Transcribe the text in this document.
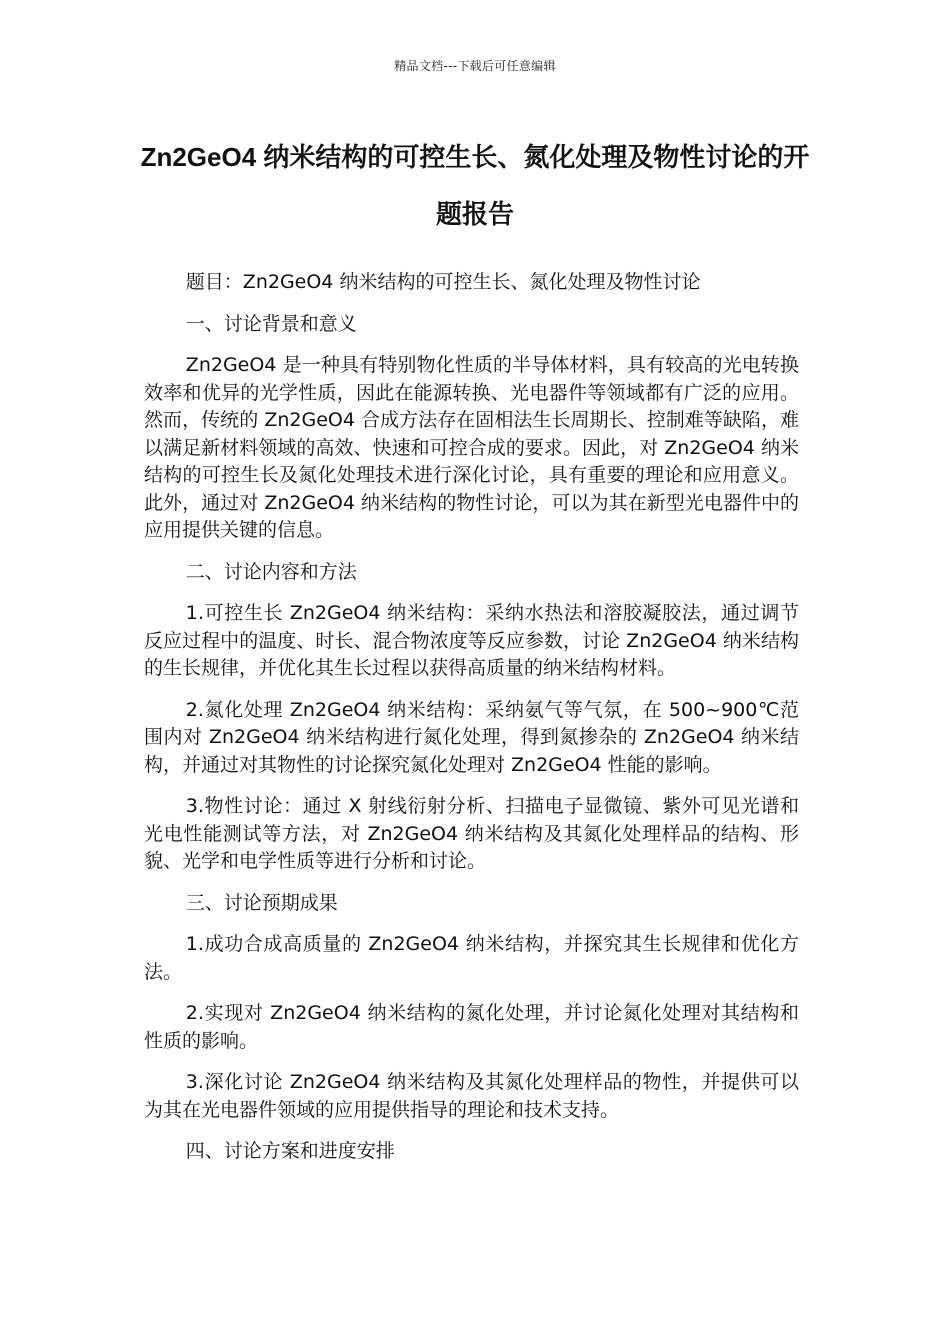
精品文档---下载后可任意编辑
Zn2GeO4 纳米结构的可控生长、氮化处理及物性讨论的开题报告

题目：Zn2GeO4 纳米结构的可控生长、氮化处理及物性讨论

一、讨论背景和意义

Zn2GeO4 是一种具有特别物化性质的半导体材料，具有较高的光电转换效率和优异的光学性质，因此在能源转换、光电器件等领域都有广泛的应用。然而，传统的 Zn2GeO4 合成方法存在固相法生长周期长、控制难等缺陷，难以满足新材料领域的高效、快速和可控合成的要求。因此，对 Zn2GeO4 纳米结构的可控生长及氮化处理技术进行深化讨论，具有重要的理论和应用意义。此外，通过对 Zn2GeO4 纳米结构的物性讨论，可以为其在新型光电器件中的应用提供关键的信息。

二、讨论内容和方法

1.可控生长 Zn2GeO4 纳米结构：采纳水热法和溶胶凝胶法，通过调节反应过程中的温度、时长、混合物浓度等反应参数，讨论 Zn2GeO4 纳米结构的生长规律，并优化其生长过程以获得高质量的纳米结构材料。

2.氮化处理 Zn2GeO4 纳米结构：采纳氨气等气氛，在 500~900℃范围内对 Zn2GeO4 纳米结构进行氮化处理，得到氮掺杂的 Zn2GeO4 纳米结构，并通过对其物性的讨论探究氮化处理对 Zn2GeO4 性能的影响。

3.物性讨论：通过 X 射线衍射分析、扫描电子显微镜、紫外可见光谱和光电性能测试等方法，对 Zn2GeO4 纳米结构及其氮化处理样品的结构、形貌、光学和电学性质等进行分析和讨论。

三、讨论预期成果

1.成功合成高质量的 Zn2GeO4 纳米结构，并探究其生长规律和优化方法。

2.实现对 Zn2GeO4 纳米结构的氮化处理，并讨论氮化处理对其结构和性质的影响。

3.深化讨论 Zn2GeO4 纳米结构及其氮化处理样品的物性，并提供可以为其在光电器件领域的应用提供指导的理论和技术支持。

四、讨论方案和进度安排
